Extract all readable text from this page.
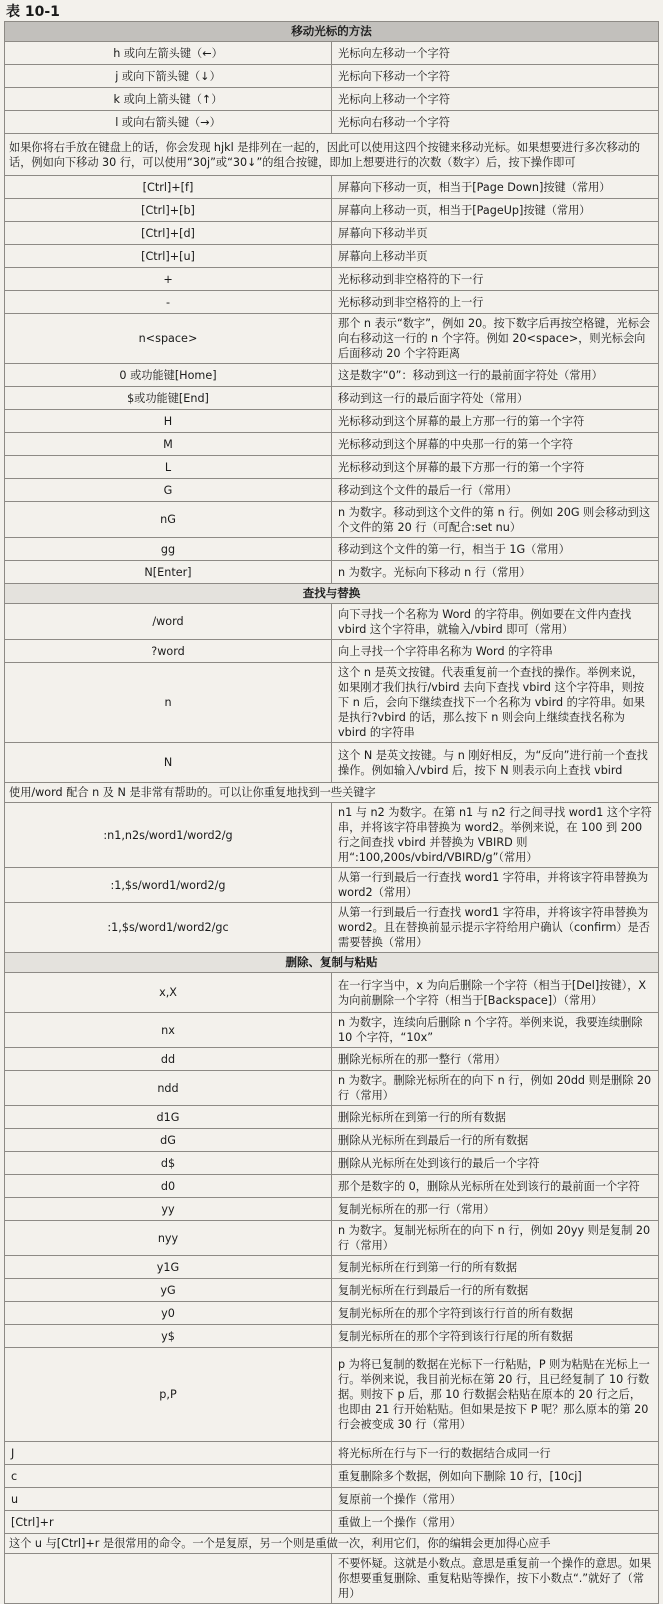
表 10-1
移动光标的方法	
h 或向左箭头键（←）	光标向左移动一个字符
j 或向下箭头键（↓）	光标向下移动一个字符
k 或向上箭头键（↑）	光标向上移动一个字符
l 或向右箭头键（→）	光标向右移动一个字符
如果你将右手放在键盘上的话，你会发现 hjkl 是排列在一起的，因此可以使用这四个按键来移动光标。如果想要进行多次移动的话，例如向下移动 30 行，可以使用“30j”或“30↓”的组合按键，即加上想要进行的次数（数字）后，按下操作即可	
[Ctrl]+[f]	屏幕向下移动一页，相当于[Page Down]按键（常用）
[Ctrl]+[b]	屏幕向上移动一页，相当于[PageUp]按键（常用）
[Ctrl]+[d]	屏幕向下移动半页
[Ctrl]+[u]	屏幕向上移动半页
+	光标移动到非空格符的下一行
-	光标移动到非空格符的上一行
n<space>	那个 n 表示“数字”，例如 20。按下数字后再按空格键，光标会向右移动这一行的 n 个字符。例如 20<space>，则光标会向后面移动 20 个字符距离
0 或功能键[Home]	这是数字“0”：移动到这一行的最前面字符处（常用）
$或功能键[End]	移动到这一行的最后面字符处（常用）
H	光标移动到这个屏幕的最上方那一行的第一个字符
M	光标移动到这个屏幕的中央那一行的第一个字符
L	光标移动到这个屏幕的最下方那一行的第一个字符
G	移动到这个文件的最后一行（常用）
nG	n 为数字。移动到这个文件的第 n 行。例如 20G 则会移动到这个文件的第 20 行（可配合:set nu）
gg	移动到这个文件的第一行，相当于 1G（常用）
N[Enter]	n 为数字。光标向下移动 n 行（常用）
查找与替换	
/word	向下寻找一个名称为 Word 的字符串。例如要在文件内查找 vbird 这个字符串，就输入/vbird 即可（常用）
?word	向上寻找一个字符串名称为 Word 的字符串
n	这个 n 是英文按键。代表重复前一个查找的操作。举例来说，如果刚才我们执行/vbird 去向下查找 vbird 这个字符串，则按下 n 后，会向下继续查找下一个名称为 vbird 的字符串。如果是执行?vbird 的话，那么按下 n 则会向上继续查找名称为 vbird 的字符串
N	这个 N 是英文按键。与 n 刚好相反，为“反向”进行前一个查找操作。例如输入/vbird 后，按下 N 则表示向上查找 vbird
使用/word 配合 n 及 N 是非常有帮助的。可以让你重复地找到一些关键字	
:n1,n2s/word1/word2/g	n1 与 n2 为数字。在第 n1 与 n2 行之间寻找 word1 这个字符串，并将该字符串替换为 word2。举例来说，在 100 到 200 行之间查找 vbird 并替换为 VBIRD 则用“:100,200s/vbird/VBIRD/g”（常用）
:1,$s/word1/word2/g	从第一行到最后一行查找 word1 字符串，并将该字符串替换为 word2（常用）
:1,$s/word1/word2/gc	从第一行到最后一行查找 word1 字符串，并将该字符串替换为 word2。且在替换前显示提示字符给用户确认（confirm）是否需要替换（常用）
删除、复制与粘贴	
x,X	在一行字当中，x 为向后删除一个字符（相当于[Del]按键），X 为向前删除一个字符（相当于[Backspace]）（常用）
nx	n 为数字，连续向后删除 n 个字符。举例来说，我要连续删除 10 个字符，“10x”
dd	删除光标所在的那一整行（常用）
ndd	n 为数字。删除光标所在的向下 n 行，例如 20dd 则是删除 20 行（常用）
d1G	删除光标所在到第一行的所有数据
dG	删除从光标所在到最后一行的所有数据
d$	删除从光标所在处到该行的最后一个字符
d0	那个是数字的 0，删除从光标所在处到该行的最前面一个字符
yy	复制光标所在的那一行（常用）
nyy	n 为数字。复制光标所在的向下 n 行，例如 20yy 则是复制 20 行（常用）
y1G	复制光标所在行到第一行的所有数据
yG	复制光标所在行到最后一行的所有数据
y0	复制光标所在的那个字符到该行行首的所有数据
y$	复制光标所在的那个字符到该行行尾的所有数据
p,P	p 为将已复制的数据在光标下一行粘贴，P 则为粘贴在光标上一行。举例来说，我目前光标在第 20 行，且已经复制了 10 行数据。则按下 p 后，那 10 行数据会粘贴在原本的 20 行之后，也即由 21 行开始粘贴。但如果是按下 P 呢？那么原本的第 20 行会被变成 30 行（常用）
J	将光标所在行与下一行的数据结合成同一行
c	重复删除多个数据，例如向下删除 10 行，[10cj]
u	复原前一个操作（常用）
[Ctrl]+r	重做上一个操作（常用）
这个 u 与[Ctrl]+r 是很常用的命令。一个是复原，另一个则是重做一次，利用它们，你的编辑会更加得心应手	
	不要怀疑。这就是小数点。意思是重复前一个操作的意思。如果你想要重复删除、重复粘贴等操作，按下小数点“.”就好了（常用）
